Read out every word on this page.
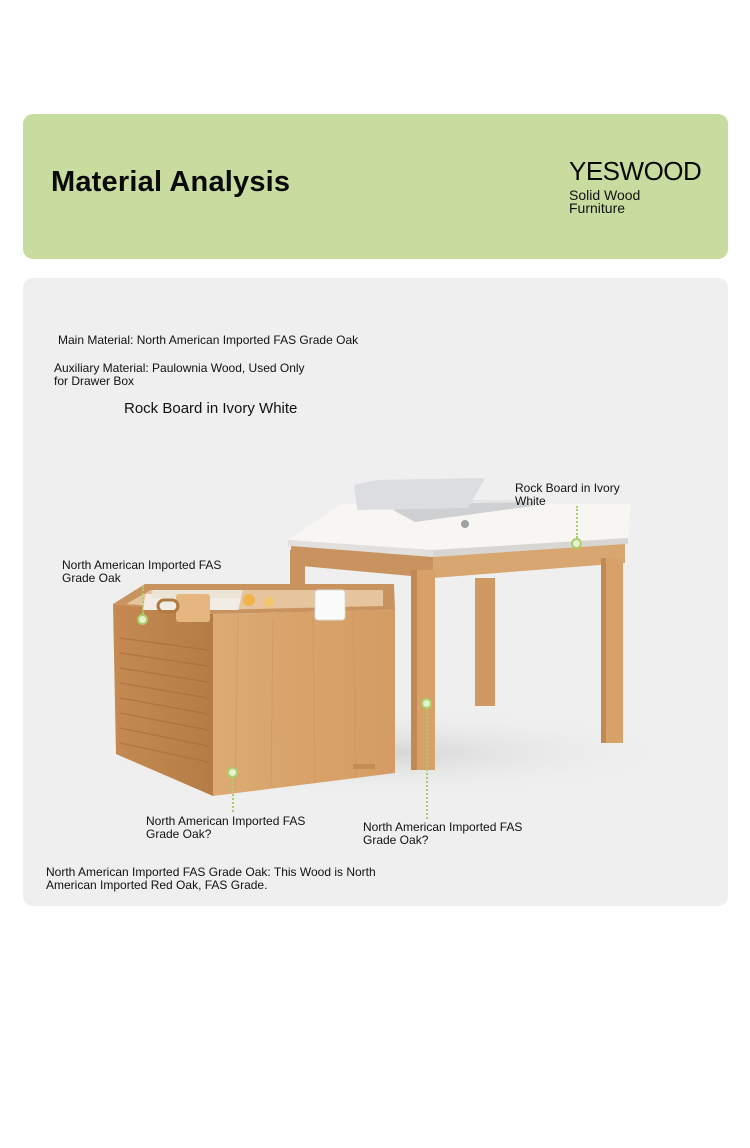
Material Analysis	YESWOOD
Solid Wood Furniture
Main Material: North American Imported FAS Grade Oak
Auxiliary Material: Paulownia Wood, Used Only for Drawer Box
Rock Board in Ivory White
Rock Board in Ivory White
North American Imported FAS Grade Oak
North American Imported FAS Grade Oak?	North American Imported FAS Grade Oak?
North American Imported FAS Grade Oak: This Wood is North American Imported Red Oak, FAS Grade.
